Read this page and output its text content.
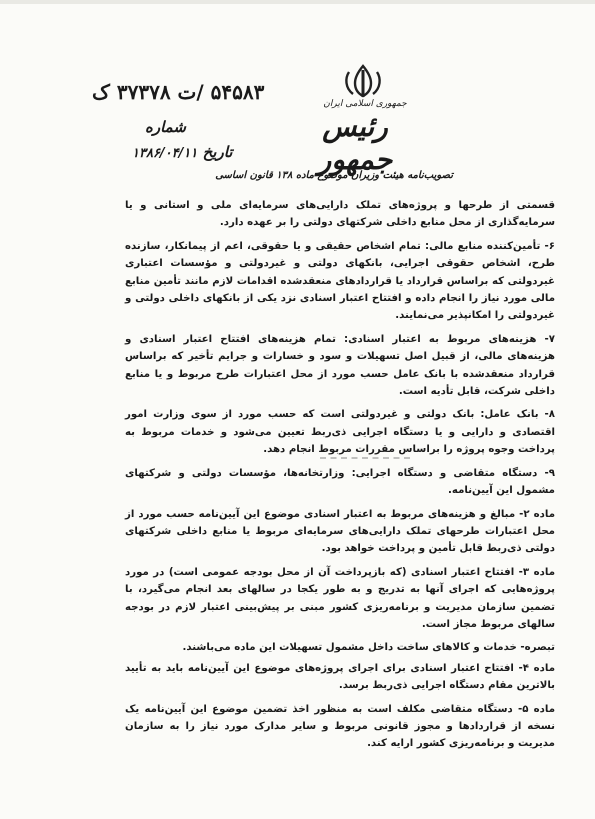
جمهوری اسلامی ایران
رئیس جمهور
۵۴۵۸۳ /ت ۳۷۳۷۸ ک
شماره
تاریخ ۱۳۸۶/۰۴/۱۱
تصویب‌نامه هیئت وزیران موضوع ماده ۱۳۸ قانون اساسی

قسمتی از طرحها و پروژه‌های تملک دارایی‌های سرمایه‌ای ملی و استانی و یا سرمایه‌گذاری از محل منابع داخلی شرکتهای دولتی را بر عهده دارد.

۶- تأمین‌کننده منابع مالی: تمام اشخاص حقیقی و یا حقوقی، اعم از پیمانکار، سازنده طرح، اشخاص حقوقی اجرایی، بانکهای دولتی و غیردولتی و مؤسسات اعتباری غیردولتی که براساس قرارداد یا قراردادهای منعقدشده اقدامات لازم مانند تأمین منابع مالی مورد نیاز را انجام داده و افتتاح اعتبار اسنادی نزد یکی از بانکهای داخلی دولتی و غیردولتی را امکانپذیر می‌نمایند.

۷- هزینه‌های مربوط به اعتبار اسنادی: تمام هزینه‌های افتتاح اعتبار اسنادی و هزینه‌های مالی، از قبیل اصل تسهیلات و سود و خسارات و جرایم تأخیر که براساس قرارداد منعقدشده با بانک عامل حسب مورد از محل اعتبارات طرح مربوط و یا منابع داخلی شرکت، قابل تأدیه است.

۸- بانک عامل: بانک دولتی و غیردولتی است که حسب مورد از سوی وزارت امور اقتصادی و دارایی و یا دستگاه اجرایی ذی‌ربط تعیین می‌شود و خدمات مربوط به پرداخت وجوه پروژه را براساس مقررات مربوط انجام دهد.

۹- دستگاه متقاضی و دستگاه اجرایی: وزارتخانه‌ها، مؤسسات دولتی و شرکتهای مشمول این آیین‌نامه.

ماده ۲- مبالغ و هزینه‌های مربوط به اعتبار اسنادی موضوع این آیین‌نامه حسب مورد از محل اعتبارات طرحهای تملک دارایی‌های سرمایه‌ای مربوط یا منابع داخلی شرکتهای دولتی ذی‌ربط قابل تأمین و پرداخت خواهد بود.

ماده ۳- افتتاح اعتبار اسنادی (که بازپرداخت آن از محل بودجه عمومی است) در مورد پروژه‌هایی که اجرای آنها به تدریج و به طور یکجا در سالهای بعد انجام می‌گیرد، با تضمین سازمان مدیریت و برنامه‌ریزی کشور مبنی بر پیش‌بینی اعتبار لازم در بودجه سالهای مربوط مجاز است.

تبصره- خدمات و کالاهای ساخت داخل مشمول تسهیلات این ماده می‌باشند.

ماده ۴- افتتاح اعتبار اسنادی برای اجرای پروژه‌های موضوع این آیین‌نامه باید به تأیید بالاترین مقام دستگاه اجرایی ذی‌ربط برسد.

ماده ۵- دستگاه متقاضی مکلف است به منظور اخذ تضمین موضوع این آیین‌نامه یک نسخه از قراردادها و مجوز قانونی مربوط و سایر مدارک مورد نیاز را به سازمان مدیریت و برنامه‌ریزی کشور ارایه کند.
